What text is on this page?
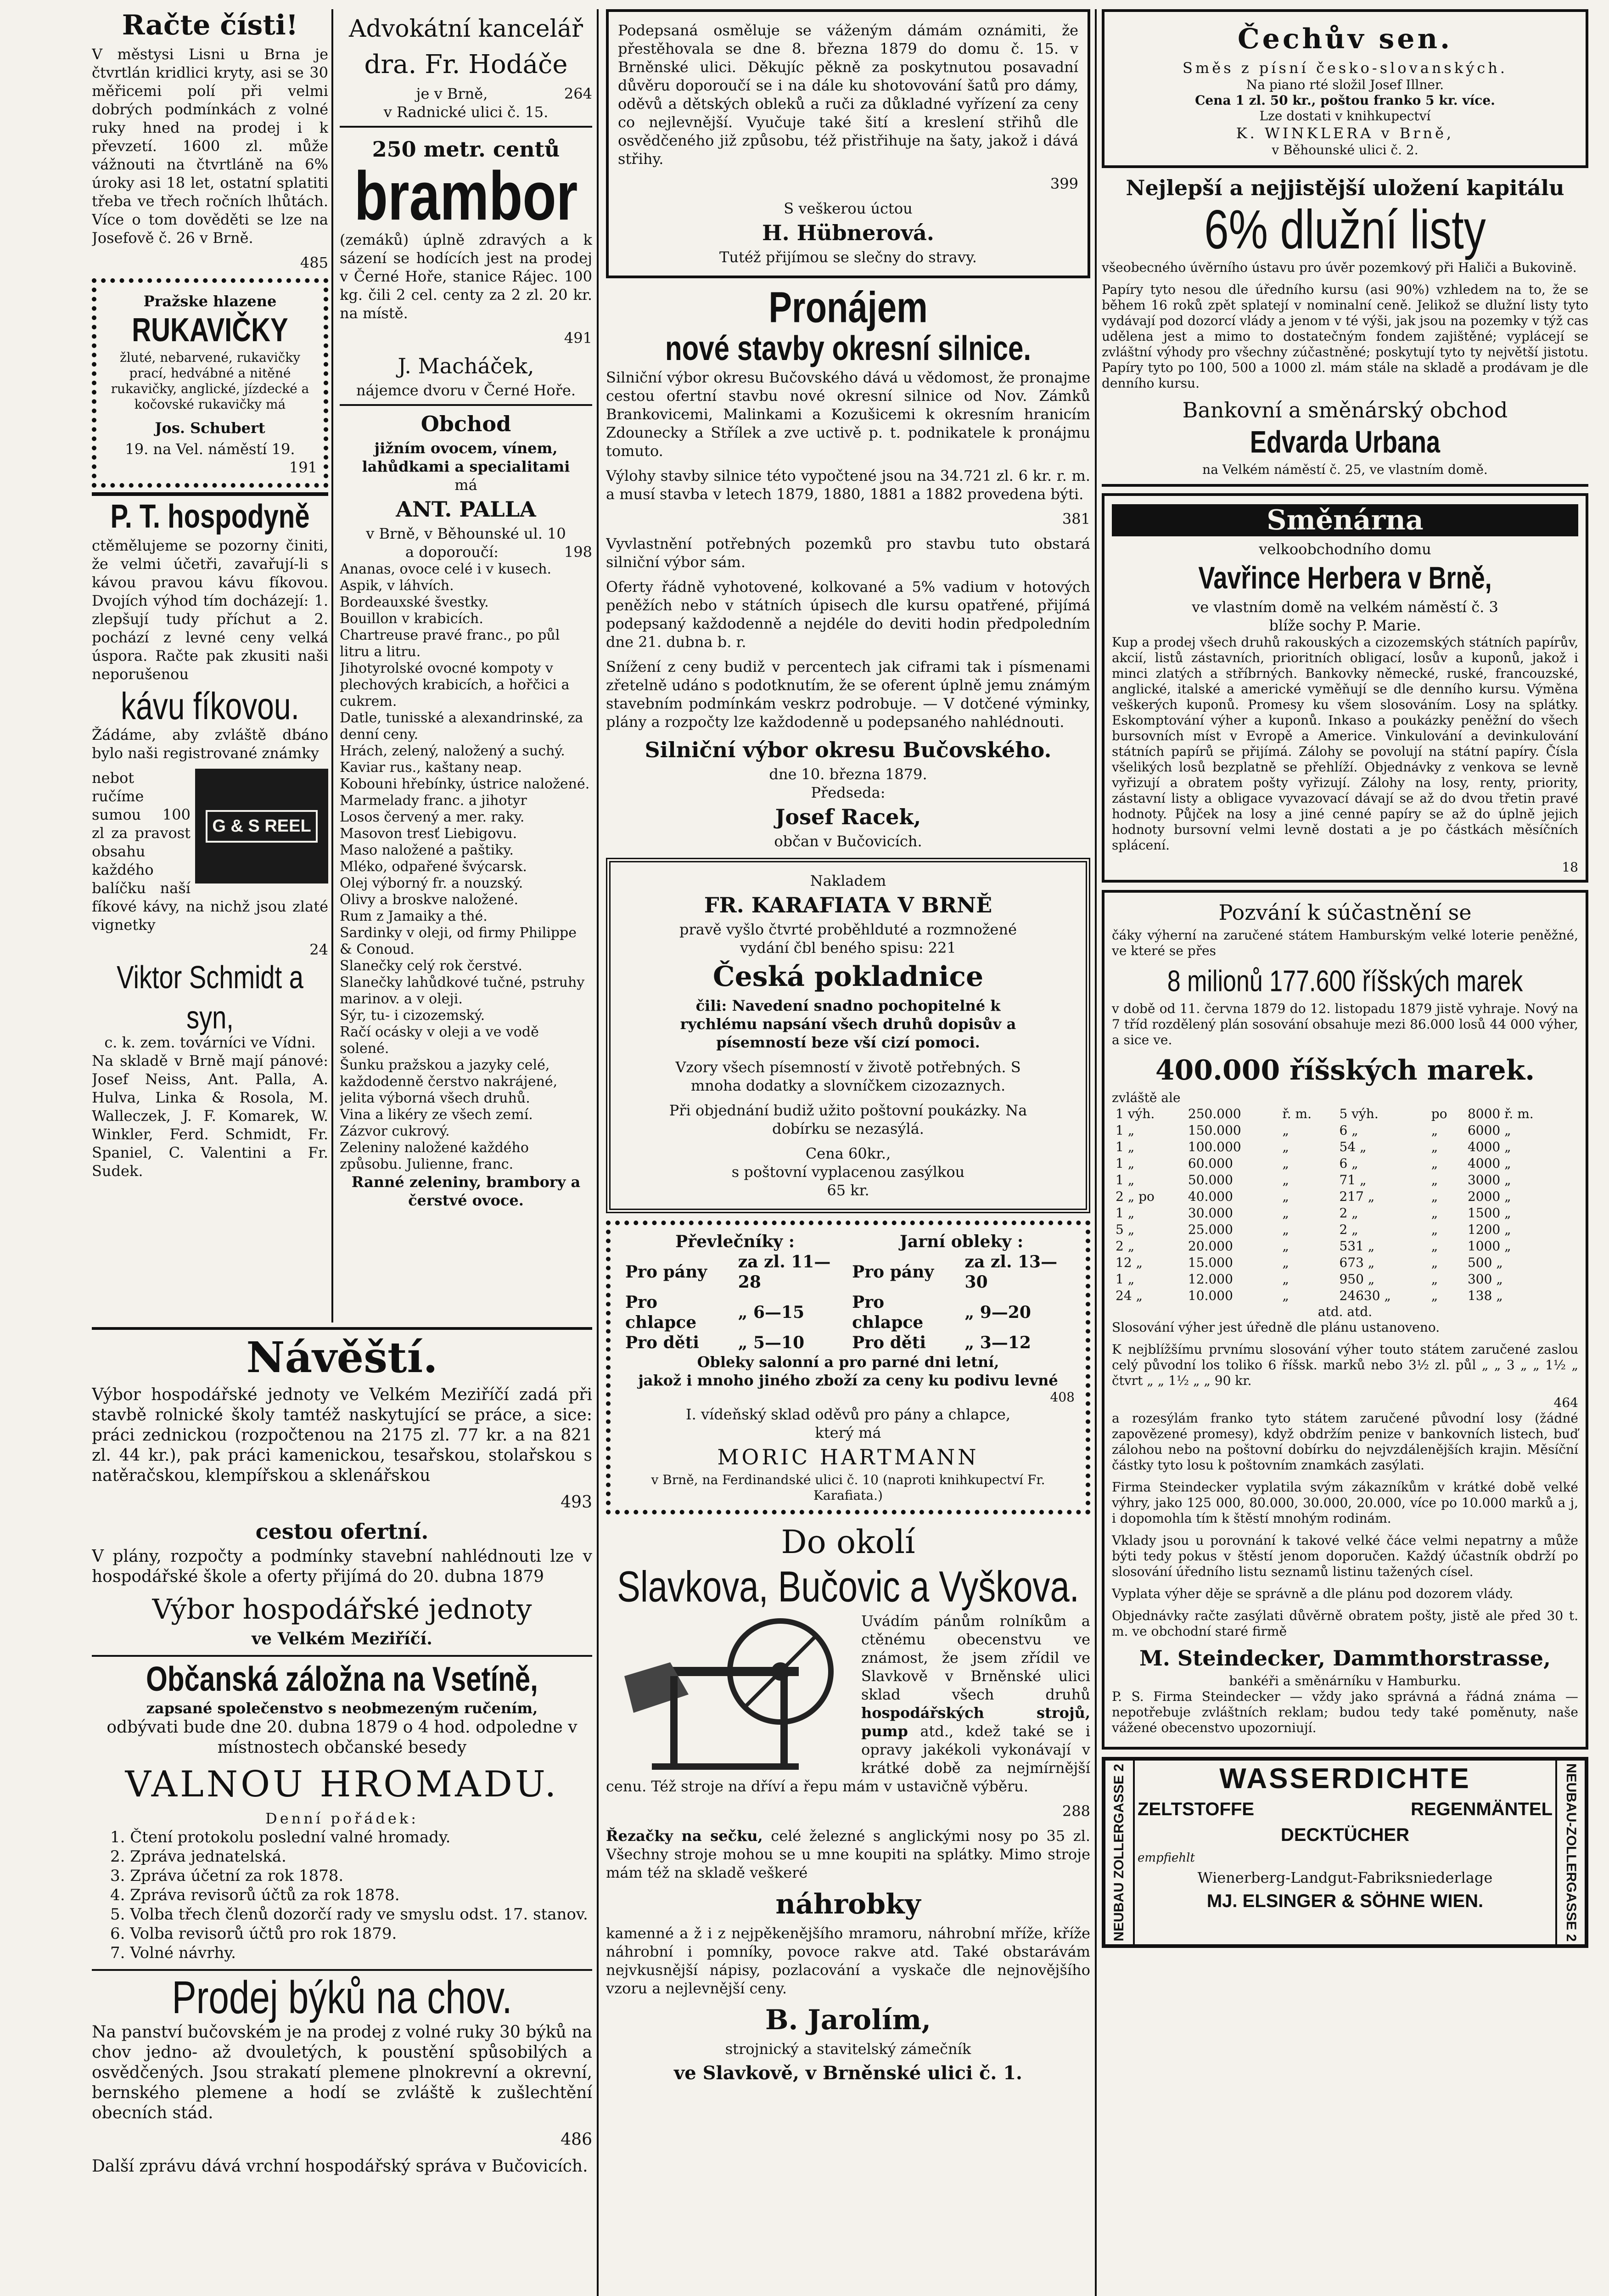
Račte čísti!

V městysi Lisni u Brna je čtvrtlán kridlici kryty, asi se 30 měřicemi polí při velmi dobrých podmínkách z volné ruky hned na prodej i k převzetí. 1600 zl. může vážnouti na čtvrtláně na 6% úroky asi 18 let, ostatní splatiti třeba ve třech ročních lhůtách. Více o tom dověděti se lze na Josefově č. 26 v Brně.

485

Pražske hlazene
RUKAVIČKY

žluté, nebarvené, rukavičky prací, hedvábné a nitěné rukavičky, anglické, jízdecké a kočovské rukavičky má

Jos. Schubert
19. na Vel. náměstí 19.
191
P. T. hospodyně

ctěmělujeme se pozorny činiti, že velmi účetři, zavařují-li s kávou pravou kávu fíkovou. Dvojích výhod tím docházejí: 1. zlepšují tudy příchut a 2. pochází z levné ceny velká úspora. Račte pak zkusiti naši neporušenou

kávu fíkovou.

Žádáme, aby zvláště dbáno bylo naši registrované známky

G & S REEL

nebot ručíme sumou 100 zl za pravost obsahu každého balíčku naší fíkové kávy, na nichž jsou zlaté vignetky

24

Viktor Schmidt a syn,
c. k. zem. továrníci ve Vídni.

Na skladě v Brně mají pánové: Josef Neiss, Ant. Palla, A. Hulva, Linka & Rosola, M. Walleczek, J. F. Komarek, W. Winkler, Ferd. Schmidt, Fr. Spaniel, C. Valentini a Fr. Sudek.

Advokátní kancelář
dra. Fr. Hodáče
je v Brně,	264
v Radnické ulici č. 15.
250 metr. centů
brambor

(zemáků) úplně zdravých a k sázení se hodících jest na prodej v Černé Hoře, stanice Rájec. 100 kg. čili 2 cel. centy za 2 zl. 20 kr. na místě.

491

J. Macháček,
nájemce dvoru v Černé Hoře.
Obchod
jižním ovocem, vínem, lahůdkami a specialitami
má
ANT. PALLA
v Brně, v Běhounské ul. 10
a doporoučí:	198

Ananas, ovoce celé i v kusech.

Aspik, v láhvích.

Bordeauxské švestky.

Bouillon v krabicích.

Chartreuse pravé franc., po půl litru a litru.

Jihotyrolské ovocné kompoty v plechových krabicích, a hořčici a cukrem.

Datle, tunisské a alexandrinské, za denní ceny.

Hrách, zelený, naložený a suchý.

Kaviar rus., kaštany neap.

Kobouni hřebínky, ústrice naložené.

Marmelady franc. a jihotyr

Losos červený a mer. raky.

Masovon tresť Liebigovu.

Maso naložené a paštiky.

Mléko, odpařené švýcarsk.

Olej výborný fr. a nouzský.

Olivy a broskve naložené.

Rum z Jamaiky a thé.

Sardinky v oleji, od firmy Philippe & Conoud.

Slanečky celý rok čerstvé.

Slanečky lahůdkové tučné, pstruhy marinov. a v oleji.

Sýr, tu- i cizozemský.

Račí ocásky v oleji a ve vodě solené.

Šunku pražskou a jazyky celé, každodenně čerstvo nakrájené, jelita výborná všech druhů.

Vina a likéry ze všech zemí.

Zázvor cukrový.

Zeleniny naložené každého způsobu. Julienne, franc.

Ranné zeleniny, brambory a čerstvé ovoce.

Podepsaná osměluje se váženým dámám oznámiti, že přestěhovala se dne 8. března 1879 do domu č. 15. v Brněnské ulici. Děkujíc pěkně za poskytnutou posavadní důvěru doporoučí se i na dále ku shotovování šatů pro dámy, oděvů a dětských obleků a ruči za důkladné vyřízení za ceny co nejlevnější. Vyučuje také šití a kreslení střihů dle osvědčeného již způsobu, též přistřihuje na šaty, jakož i dává střihy.

399

S veškerou úctou
H. Hübnerová.
Tutéž přijímou se slečny do stravy.
Pronájem
nové stavby okresní silnice.

Silniční výbor okresu Bučovského dává u vědomost, že pronajme cestou ofertní stavbu nové okresní silnice od Nov. Zámků Brankovicemi, Malinkami a Kozušicemi k okresním hranicím Zdounecky a Střílek a zve uctivě p. t. podnikatele k pronájmu tomuto.

Výlohy stavby silnice této vypočtené jsou na 34.721 zl. 6 kr. r. m. a musí stavba v letech 1879, 1880, 1881 a 1882 provedena býti.

381

Vyvlastnění potřebných pozemků pro stavbu tuto obstará silniční výbor sám.

Oferty řádně vyhotovené, kolkované a 5% vadium v hotových peněžích nebo v státních úpisech dle kursu opatřené, přijímá podepsaný každodenně a nejdéle do deviti hodin předpoledním dne 21. dubna b. r.

Snížení z ceny budiž v percentech jak ciframi tak i písmenami zřetelně udáno s podotknutím, že se oferent úplně jemu známým stavebním podmínkám veskrz podrobuje. — V dotčené výminky, plány a rozpočty lze každodenně u podepsaného nahlédnouti.

Silniční výbor okresu Bučovského.
dne 10. března 1879.
Předseda:
Josef Racek,
občan v Bučovicích.
Nakladem
FR. KARAFIATA V BRNĚ
pravě vyšlo čtvrté proběhlduté a rozmnožené vydání čbl beného spisu: 221
Česká pokladnice

čili: Navedení snadno pochopitelné k rychlému napsání všech druhů dopisův a písemností beze vší cizí pomoci.

Vzory všech písemností v životě potřebných. S mnoha dodatky a slovníčkem cizozaznych.

Při objednání budiž užito poštovní poukázky. Na dobírku se nezasýlá.

Cena 60kr.,
s poštovní vyplacenou zasýlkou
65 kr.
Převleč́níky :		Jarní obleky :	
Pro pány	za zl. 11—28	Pro pány	za zl. 13—30
Pro chlapce	„ 6—15	Pro chlapce	„ 9—20
Pro děti	„ 5—10	Pro děti	„ 3—12
Obleky salonní a pro parné dni letní,
jakož i mnoho jiného zboží za ceny ku podivu levné
408
I. vídeňský sklad oděvů pro pány a chlapce,
který má
MORIC HARTMANN
v Brně, na Ferdinandské ulici č. 10 (naproti knihkupectví Fr. Karafiata.)
Do okolí
Slavkova, Bučovic a Vyškova.

Uvádím pánům rolníkům a ctěnému obecenstvu ve známost, že jsem zřídil ve Slavkově v Brněnské ulici sklad všech druhů hospodářských strojů, pump atd., kdež také se i opravy jakékoli vykonávají v krátké době za nejmírnější cenu. Též stroje na dříví a řepu mám v ustavičně výběru.

288

Řezačky na sečku, celé železné s anglickými nosy po 35 zl. Všechny stroje mohou se u mne koupiti na splátky. Mimo stroje mám též na skladě veškeré

náhrobky

kamenné a ž i z nejpěkenějšího mramoru, náhrobní mříže, kříže náhrobní i pomníky, povoce rakve atd. Také obstarávám nejvkusnější nápisy, pozlacování a vyskače dle nejnovějšího vzoru a nejlevnější ceny.

B. Jarolím,
strojnický a stavitelský zámečník
ve Slavkově, v Brněnské ulici č. 1.
Čechův sen.
Směs z písní česko-slovanských.
Na piano rté složil Josef Illner.
Cena 1 zl. 50 kr., poštou franko 5 kr. více.
Lze dostati v knihkupectví
K. WINKLERA v Brně,
v Běhounské ulici č. 2.
Nejlepší a nejjistější uložení kapitálu
6% dlužní listy

všeobecného úvěrního ústavu pro úvěr pozemkový při Haliči a Bukovině.

Papíry tyto nesou dle úředního kursu (asi 90%) vzhledem na to, že se během 16 roků zpět splatejí v nominalní ceně. Jelikož se dlužní listy tyto vydávají pod dozorcí vlády a jenom v té výši, jak jsou na pozemky v týž cas udělena jest a mimo to dostatečným fondem zajištěné; vyplácejí se zvláštní výhody pro všechny zúčastněné; poskytují tyto ty největší jistotu. Papíry tyto po 100, 500 a 1000 zl. mám stále na skladě a prodávam je dle denního kursu.

Bankovní a směnárský obchod
Edvarda Urbana
na Velkém náměstí č. 25, ve vlastním domě.
Směnárna
velkoobchodního domu
Vavřince Herbera v Brně,
ve vlastním domě na velkém náměstí č. 3
blíže sochy P. Marie.

Kup a prodej všech druhů rakouských a cizozemských státních papírův, akcií, listů zástavních, prioritních obligací, losův a kuponů, jakož i minci zlatých a stříbrných. Bankovky německé, ruské, francouzské, anglické, italské a americké vyměňují se dle denního kursu. Výměna veškerých kuponů. Promesy ku všem slosováním. Losy na splátky. Eskomptování výher a kuponů. Inkaso a poukázky peněžní do všech bursovních míst v Evropě a Americe. Vinkulování a devinkulování státních papírů se přijímá. Zálohy se povolují na státní papíry. Čísla všelikých losů bezplatně se přehlíží. Objednávky z venkova se levně vyřizují a obratem pošty vyřizují. Zálohy na losy, renty, priority, zástavní listy a obligace vyvazovací dávají se až do dvou třetin pravé hodnoty. Půjček na losy a jiné cenné papíry se až do úplně jejich hodnoty bursovní velmi levně dostati a je po částkách měsíčních splácení.

18
Pozvání k súčastnění se

čáky výherní na zaručené státem Hamburským velké loterie peněžné, ve které se přes

8 milionů 177.600 říšských marek

v době od 11. června 1879 do 12. listopadu 1879 jistě vyhraje. Nový na 7 tříd rozdělený plán sosování obsahuje mezi 86.000 losů 44 000 výher, a sice ve.

400.000 říšských marek.
zvláště ale
1 výh.	250.000	ř. m.	5 výh.	po	8000 ř. m.
1 „	150.000	„	6 „	„	6000 „
1 „	100.000	„	54 „	„	4000 „
1 „	60.000	„	6 „	„	4000 „
1 „	50.000	„	71 „	„	3000 „
2 „ po	40.000	„	217 „	„	2000 „
1 „	30.000	„	2 „	„	1500 „
5 „	25.000	„	2 „	„	1200 „
2 „	20.000	„	531 „	„	1000 „
12 „	15.000	„	673 „	„	500 „
1 „	12.000	„	950 „	„	300 „
24 „	10.000	„	24630 „	„	138 „
atd. atd.

Slosování výher jest úředně dle plánu ustanoveno.

K nejblížšímu prvnímu slosování výher touto státem zaručené zaslou celý původní los toliko 6 říšsk. marků nebo 3½ zl. půl „ „ 3 „ „ 1½ „ čtvrt „ „ 1½ „ „ 90 kr.

464

a rozesýlám franko tyto státem zaručené původní losy (žádné zapovězené promesy), když obdržím penize v bankovních listech, buď zálohou nebo na poštovní dobírku do nejvzdálenějších krajin. Měsíční částky tyto losu k poštovním znamkách zasýlati.

Firma Steindecker vyplatila svým zákazníkům v krátké době velké výhry, jako 125 000, 80.000, 30.000, 20.000, více po 10.000 marků a j, i dopomohla tím k štěstí mnohým rodinám.

Vklady jsou u porovnání k takové velké čáce velmi nepatrny a může býti tedy pokus v štěstí jenom doporučen. Každý účastník obdrží po slosování úředního listu seznamů listinu tažených císel.

Vyplata výher děje se správně a dle plánu pod dozorem vlády.

Objednávky račte zasýlati důvěrně obratem pošty, jistě ale před 30 t. m. ve obchodní staré firmě

M. Steindecker, Dammthorstrasse,
bankéři a směnárníku v Hamburku.

P. S. Firma Steindecker — vždy jako správná a řádná známa — nepotřebuje zvláštních reklam; budou tedy také poměnuty, naše vážené obecenstvo upozorniují.

NEUBAU ZOLLERGASSE 2	NEUBAU-ZOLLERGASSE 2
WASSERDICHTE
ZELTSTOFFE	REGENMÄNTEL
DECKTÜCHER
empfiehlt
Wienerberg-Landgut-Fabriksniederlage
MJ. ELSINGER & SÖHNE WIEN.
Návěští.

Výbor hospodářské jednoty ve Velkém Meziříčí zadá při stavbě rolnické školy tamtéž naskytující se práce, a sice: práci zednickou (rozpočtenou na 2175 zl. 77 kr. a na 821 zl. 44 kr.), pak práci kamenickou, tesařskou, stolařskou s natěračskou, klempířskou a sklenářskou

493

cestou ofertní.

V plány, rozpočty a podmínky stavební nahlédnouti lze v hospodářské škole a oferty přijímá do 20. dubna 1879

Výbor hospodářské jednoty
ve Velkém Meziříčí.
Občanská záložna na Vsetíně,
zapsané společenstvo s neobmezeným ručením,

odbývati bude dne 20. dubna 1879 o 4 hod. odpoledne v místnostech občanské besedy

VALNOU HROMADU.
Denní pořádek:

1. Čtení protokolu poslední valné hromady.

2. Zpráva jednatelská.

3. Zpráva účetní za rok 1878.

4. Zpráva revisorů účtů za rok 1878.

5. Volba třech členů dozorčí rady ve smyslu odst. 17. stanov.

6. Volba revisorů účtů pro rok 1879.

7. Volné návrhy.

Prodej býků na chov.

Na panství bučovském je na prodej z volné ruky 30 býků na chov jedno- až dvouletých, k poustění spůsobilých a osvědčených. Jsou strakatí plemene plnokrevní a okrevní, bernského plemene a hodí se zvláště k zušlechtění obecních stád.

486

Další zprávu dává vrchní hospodářský správa v Bučovicích.
